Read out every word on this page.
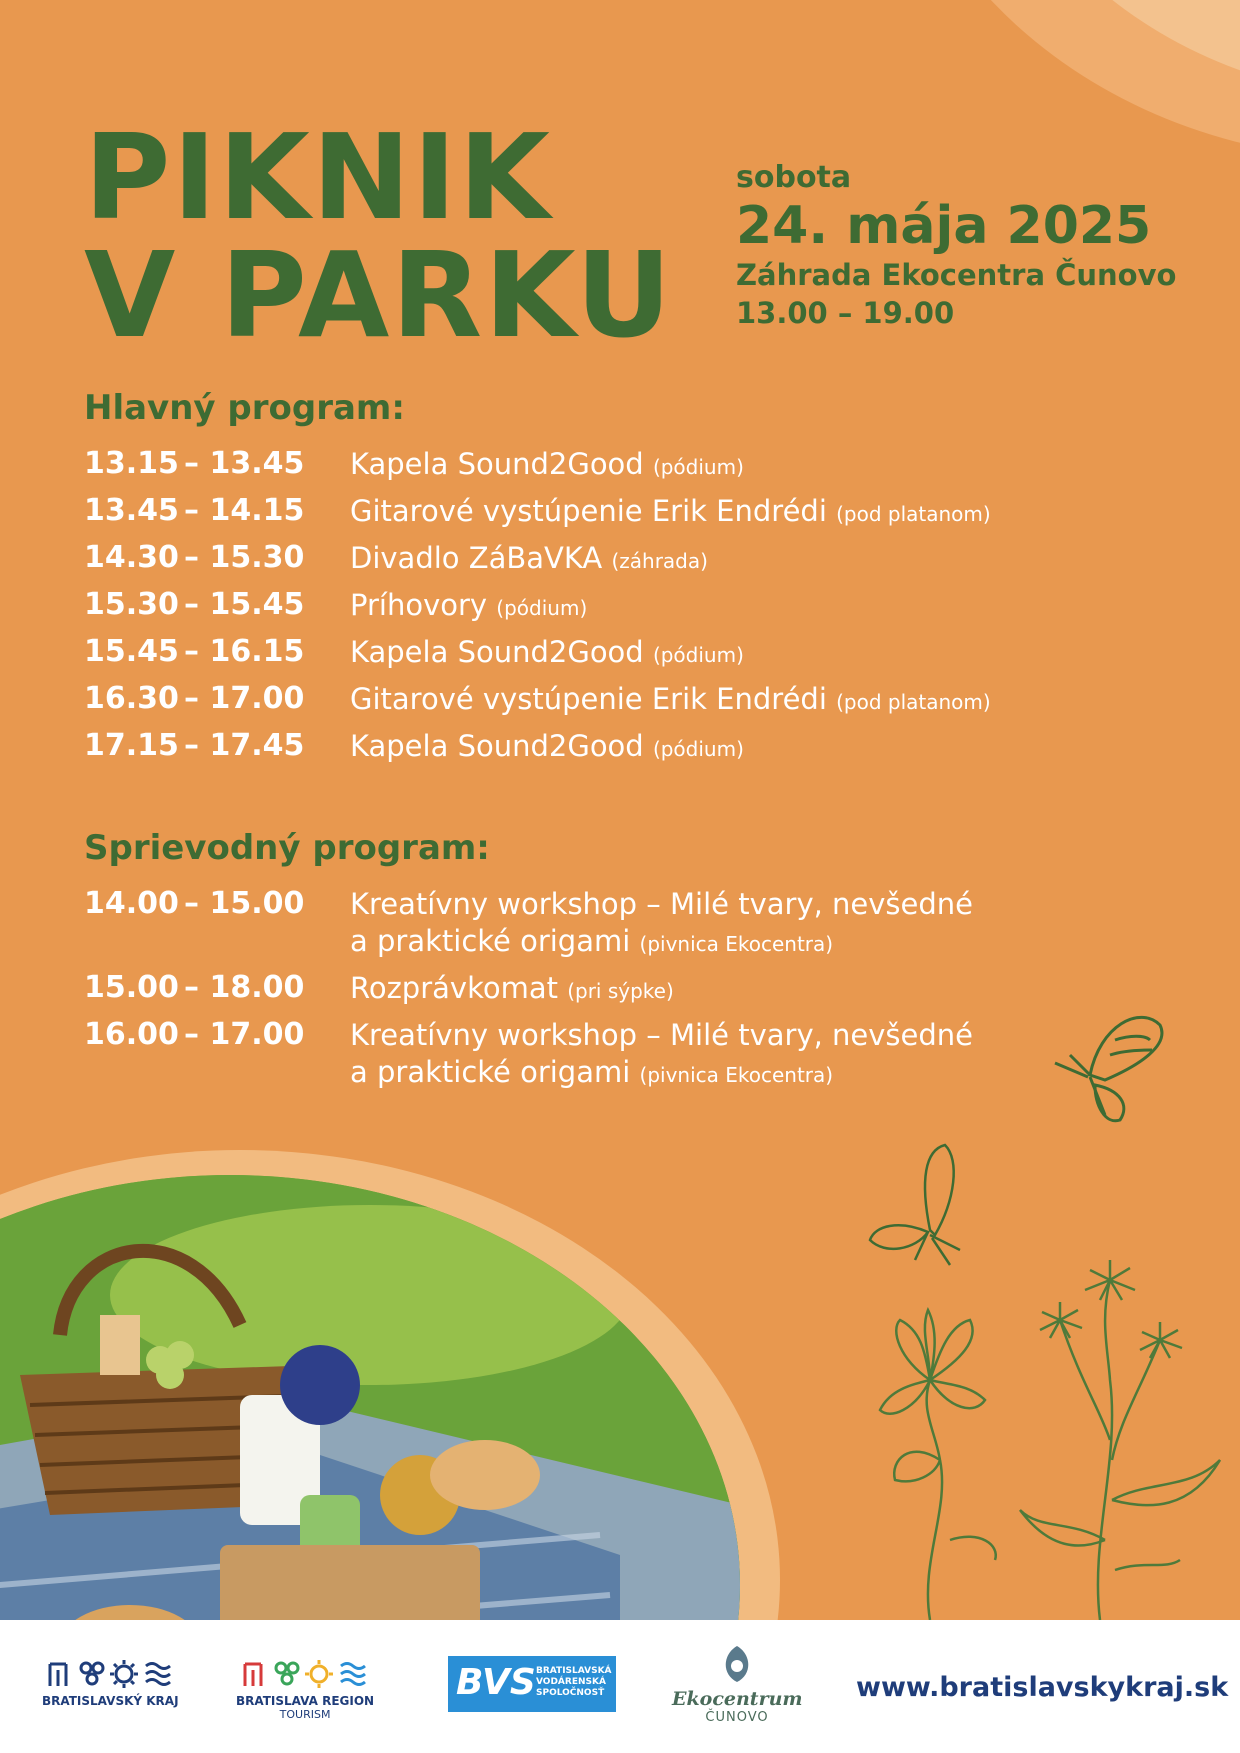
PIKNIK
V PARKU
sobota
24. mája 2025
Záhrada Ekocentra Čunovo
13.00 – 19.00
Hlavný program:
13.15 – 13.45	Kapela Sound2Good (pódium)
13.45 – 14.15	Gitarové vystúpenie Erik Endrédi (pod platanom)
14.30 – 15.30	Divadlo ZáBaVKA (záhrada)
15.30 – 15.45	Príhovory (pódium)
15.45 – 16.15	Kapela Sound2Good (pódium)
16.30 – 17.00	Gitarové vystúpenie Erik Endrédi (pod platanom)
17.15 – 17.45	Kapela Sound2Good (pódium)
Sprievodný program:
14.00 – 15.00	Kreatívny workshop – Milé tvary, nevšedné
a praktické origami (pivnica Ekocentra)
15.00 – 18.00	Rozprávkomat (pri sýpke)
16.00 – 17.00	Kreatívny workshop – Milé tvary, nevšedné
a praktické origami (pivnica Ekocentra)
BRATISLAVSKÝ KRAJ	BRATISLAVA REGION
TOURISM
BVS BRATISLAVSKÁ
VODÁRENSKÁ
SPOLOČNOSŤ	Ekocentrum
ČUNOVO
www.bratislavskykraj.sk
